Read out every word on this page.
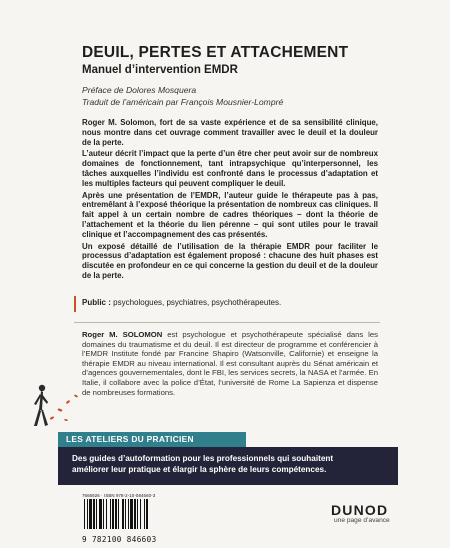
DEUIL, PERTES ET ATTACHEMENT
Manuel d’intervention EMDR
Préface de Dolores Mosquera
Traduit de l’américain par François Mousnier-Lompré

Roger M. Solomon, fort de sa vaste expérience et de sa sensibilité clinique, nous montre dans cet ouvrage comment travailler avec le deuil et la douleur de la perte.

L’auteur décrit l’impact que la perte d’un être cher peut avoir sur de nombreux domaines de fonctionnement, tant intrapsychique qu’interpersonnel, les tâches auxquelles l’individu est confronté dans le processus d’adaptation et les multiples facteurs qui peuvent compliquer le deuil.

Après une présentation de l’EMDR, l’auteur guide le thérapeute pas à pas, entremêlant à l’exposé théorique la présentation de nombreux cas cliniques. Il fait appel à un certain nombre de cadres théoriques – dont la théorie de l’attachement et la théorie du lien pérenne – qui sont utiles pour le travail clinique et l’accompagnement des cas présentés.

Un exposé détaillé de l’utilisation de la thérapie EMDR pour faciliter le processus d’adaptation est également proposé : chacune des huit phases est discutée en profondeur en ce qui concerne la gestion du deuil et de la douleur de la perte.

Public : psychologues, psychiatres, psychothérapeutes.
Roger M. SOLOMON est psychologue et psychothérapeute spécialisé dans les domaines du traumatisme et du deuil. Il est directeur de programme et conférencier à l’EMDR Institute fondé par Francine Shapiro (Watsonville, Californie) et enseigne la thérapie EMDR au niveau international. Il est consultant auprès du Sénat américain et d’agences gouvernementales, dont le FBI, les services secrets, la NASA et l’armée. En Italie, il collabore avec la police d’État, l’université de Rome La Sapienza et dispense de nombreuses formations.
LES ATELIERS DU PRATICIEN
Des guides d’autoformation pour les professionnels qui souhaitent
améliorer leur pratique et élargir la sphère de leurs compétences.
7666926 · ISBN 978-2-10-084660-3
9 782100 846603
DUNOD
une page d’avance
